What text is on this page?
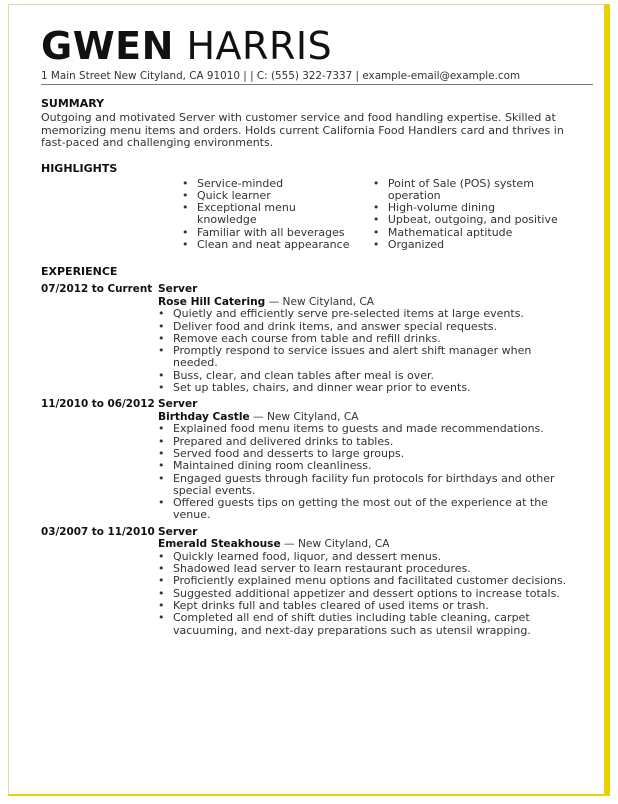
GWEN HARRIS
1 Main Street New Cityland, CA 91010 | | C: (555) 322-7337 | example-email@example.com
SUMMARY
Outgoing and motivated Server with customer service and food handling expertise. Skilled at memorizing menu items and orders. Holds current California Food Handlers card and thrives in fast-paced and challenging environments.
HIGHLIGHTS
• Service-minded
• Quick learner
• Exceptional menu knowledge
• Familiar with all beverages
• Clean and neat appearance
• Point of Sale (POS) system operation
• High-volume dining
• Upbeat, outgoing, and positive
• Mathematical aptitude
• Organized
EXPERIENCE
07/2012 to Current Server
Rose Hill Catering — New Cityland, CA
• Quietly and efficiently serve pre-selected items at large events.
• Deliver food and drink items, and answer special requests.
• Remove each course from table and refill drinks.
• Promptly respond to service issues and alert shift manager when needed.
• Buss, clear, and clean tables after meal is over.
• Set up tables, chairs, and dinner wear prior to events.
11/2010 to 06/2012 Server
Birthday Castle — New Cityland, CA
• Explained food menu items to guests and made recommendations.
• Prepared and delivered drinks to tables.
• Served food and desserts to large groups.
• Maintained dining room cleanliness.
• Engaged guests through facility fun protocols for birthdays and other special events.
• Offered guests tips on getting the most out of the experience at the venue.
03/2007 to 11/2010 Server
Emerald Steakhouse — New Cityland, CA
• Quickly learned food, liquor, and dessert menus.
• Shadowed lead server to learn restaurant procedures.
• Proficiently explained menu options and facilitated customer decisions.
• Suggested additional appetizer and dessert options to increase totals.
• Kept drinks full and tables cleared of used items or trash.
• Completed all end of shift duties including table cleaning, carpet vacuuming, and next-day preparations such as utensil wrapping.
